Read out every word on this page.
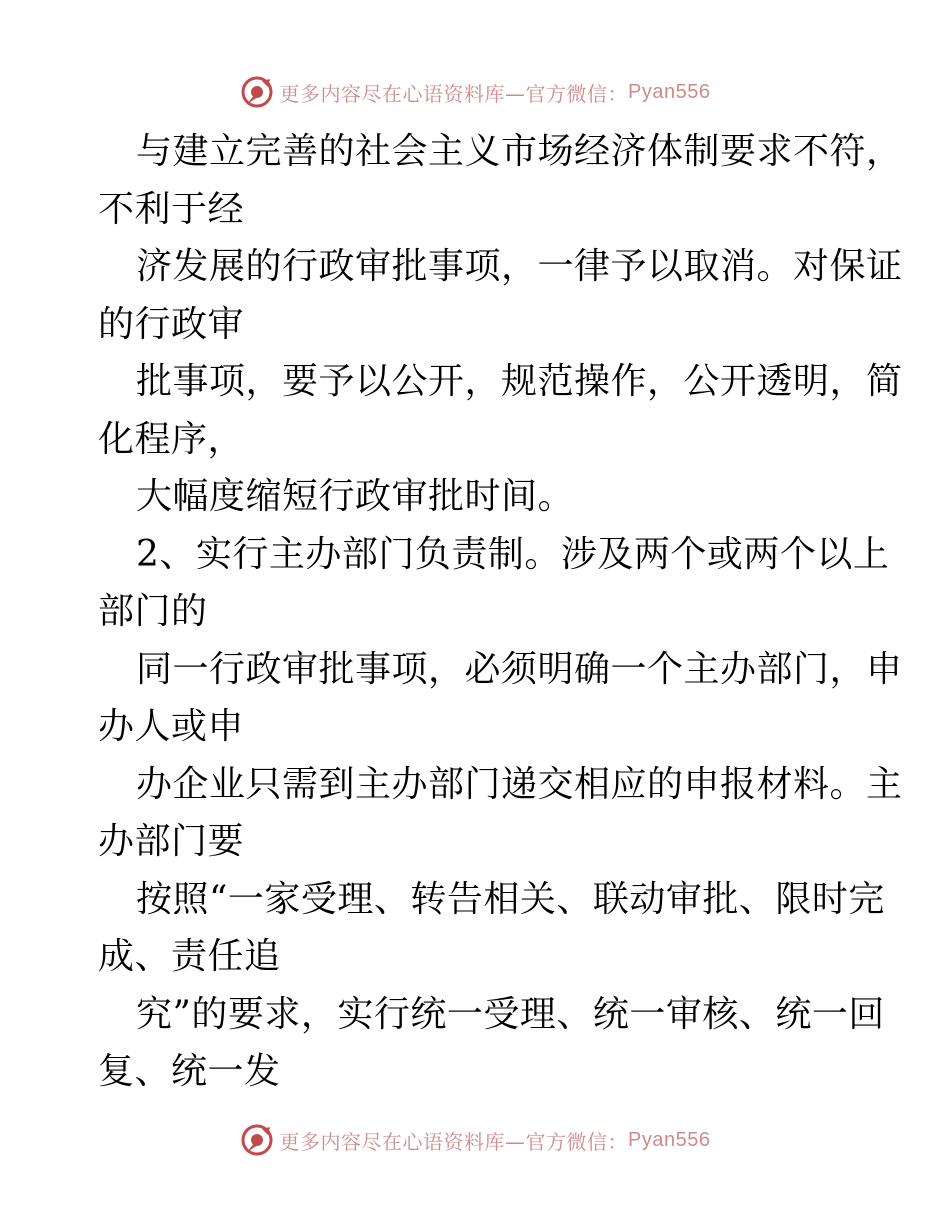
更多内容尽在心语资料库—官方微信： Pyan556
与建立完善的社会主义市场经济体制要求不符，
不利于经
济发展的行政审批事项，一律予以取消。对保证
的行政审
批事项，要予以公开，规范操作，公开透明，简
化程序，
大幅度缩短行政审批时间。
2、实行主办部门负责制。涉及两个或两个以上
部门的
同一行政审批事项，必须明确一个主办部门，申
办人或申
办企业只需到主办部门递交相应的申报材料。主
办部门要
按照“一家受理、转告相关、联动审批、限时完
成、责任追
究”的要求，实行统一受理、统一审核、统一回
复、统一发
更多内容尽在心语资料库—官方微信： Pyan556
